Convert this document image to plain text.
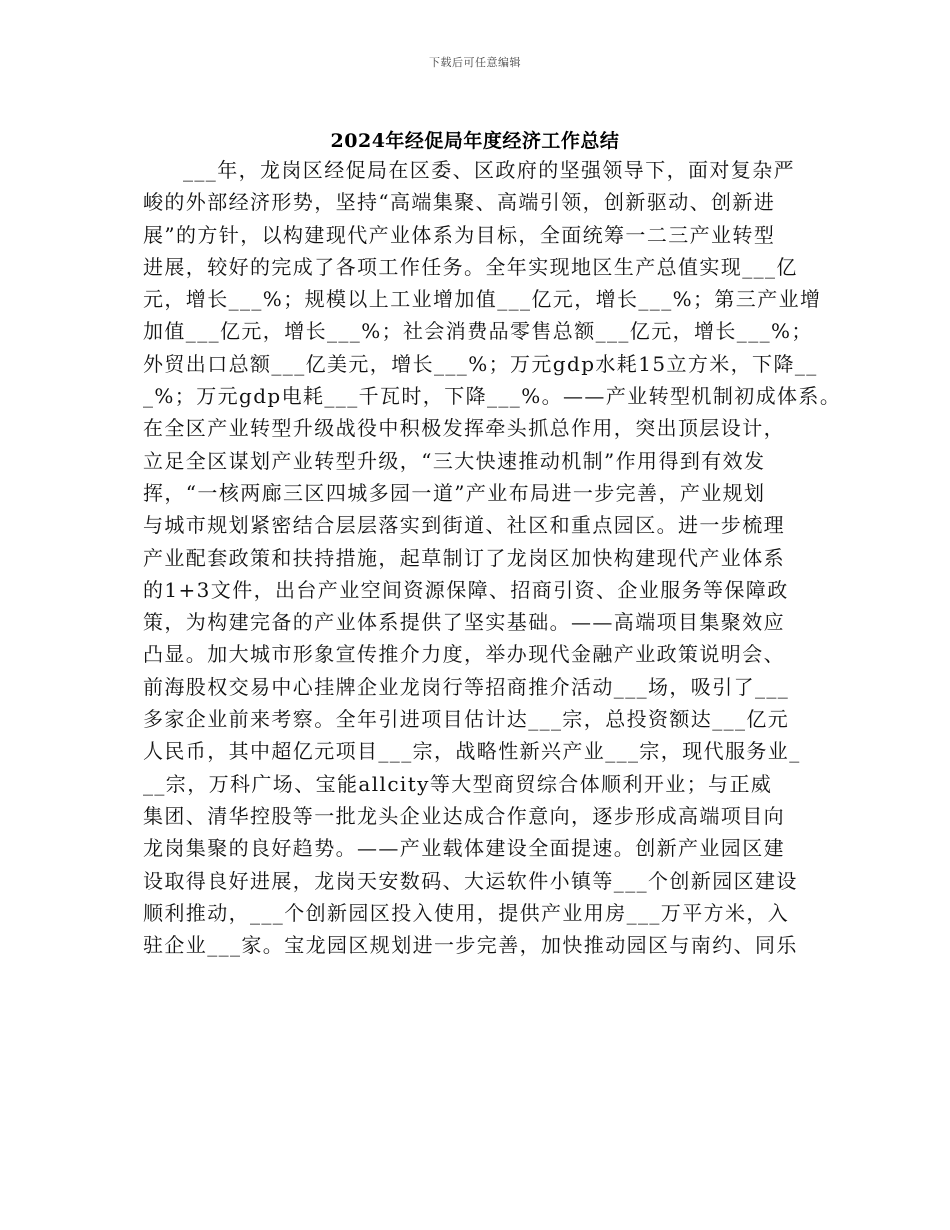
下载后可任意编辑
2024年经促局年度经济工作总结
___年，龙岗区经促局在区委、区政府的坚强领导下，面对复杂严
峻的外部经济形势，坚持“高端集聚、高端引领，创新驱动、创新进
展”的方针，以构建现代产业体系为目标，全面统筹一二三产业转型
进展，较好的完成了各项工作任务。全年实现地区生产总值实现___亿
元，增长___%；规模以上工业增加值___亿元，增长___%；第三产业增
加值___亿元，增长___%；社会消费品零售总额___亿元，增长___%；
外贸出口总额___亿美元，增长___%；万元gdp水耗15立方米，下降__
_%；万元gdp电耗___千瓦时，下降___%。——产业转型机制初成体系。
在全区产业转型升级战役中积极发挥牵头抓总作用，突出顶层设计，
立足全区谋划产业转型升级，“三大快速推动机制”作用得到有效发
挥，“一核两廊三区四城多园一道”产业布局进一步完善，产业规划
与城市规划紧密结合层层落实到街道、社区和重点园区。进一步梳理
产业配套政策和扶持措施，起草制订了龙岗区加快构建现代产业体系
的1+3文件，出台产业空间资源保障、招商引资、企业服务等保障政
策，为构建完备的产业体系提供了坚实基础。——高端项目集聚效应
凸显。加大城市形象宣传推介力度，举办现代金融产业政策说明会、
前海股权交易中心挂牌企业龙岗行等招商推介活动___场，吸引了___
多家企业前来考察。全年引进项目估计达___宗，总投资额达___亿元
人民币，其中超亿元项目___宗，战略性新兴产业___宗，现代服务业_
__宗，万科广场、宝能allcity等大型商贸综合体顺利开业；与正威
集团、清华控股等一批龙头企业达成合作意向，逐步形成高端项目向
龙岗集聚的良好趋势。——产业载体建设全面提速。创新产业园区建
设取得良好进展，龙岗天安数码、大运软件小镇等___个创新园区建设
顺利推动，___个创新园区投入使用，提供产业用房___万平方米，入
驻企业___家。宝龙园区规划进一步完善，加快推动园区与南约、同乐
